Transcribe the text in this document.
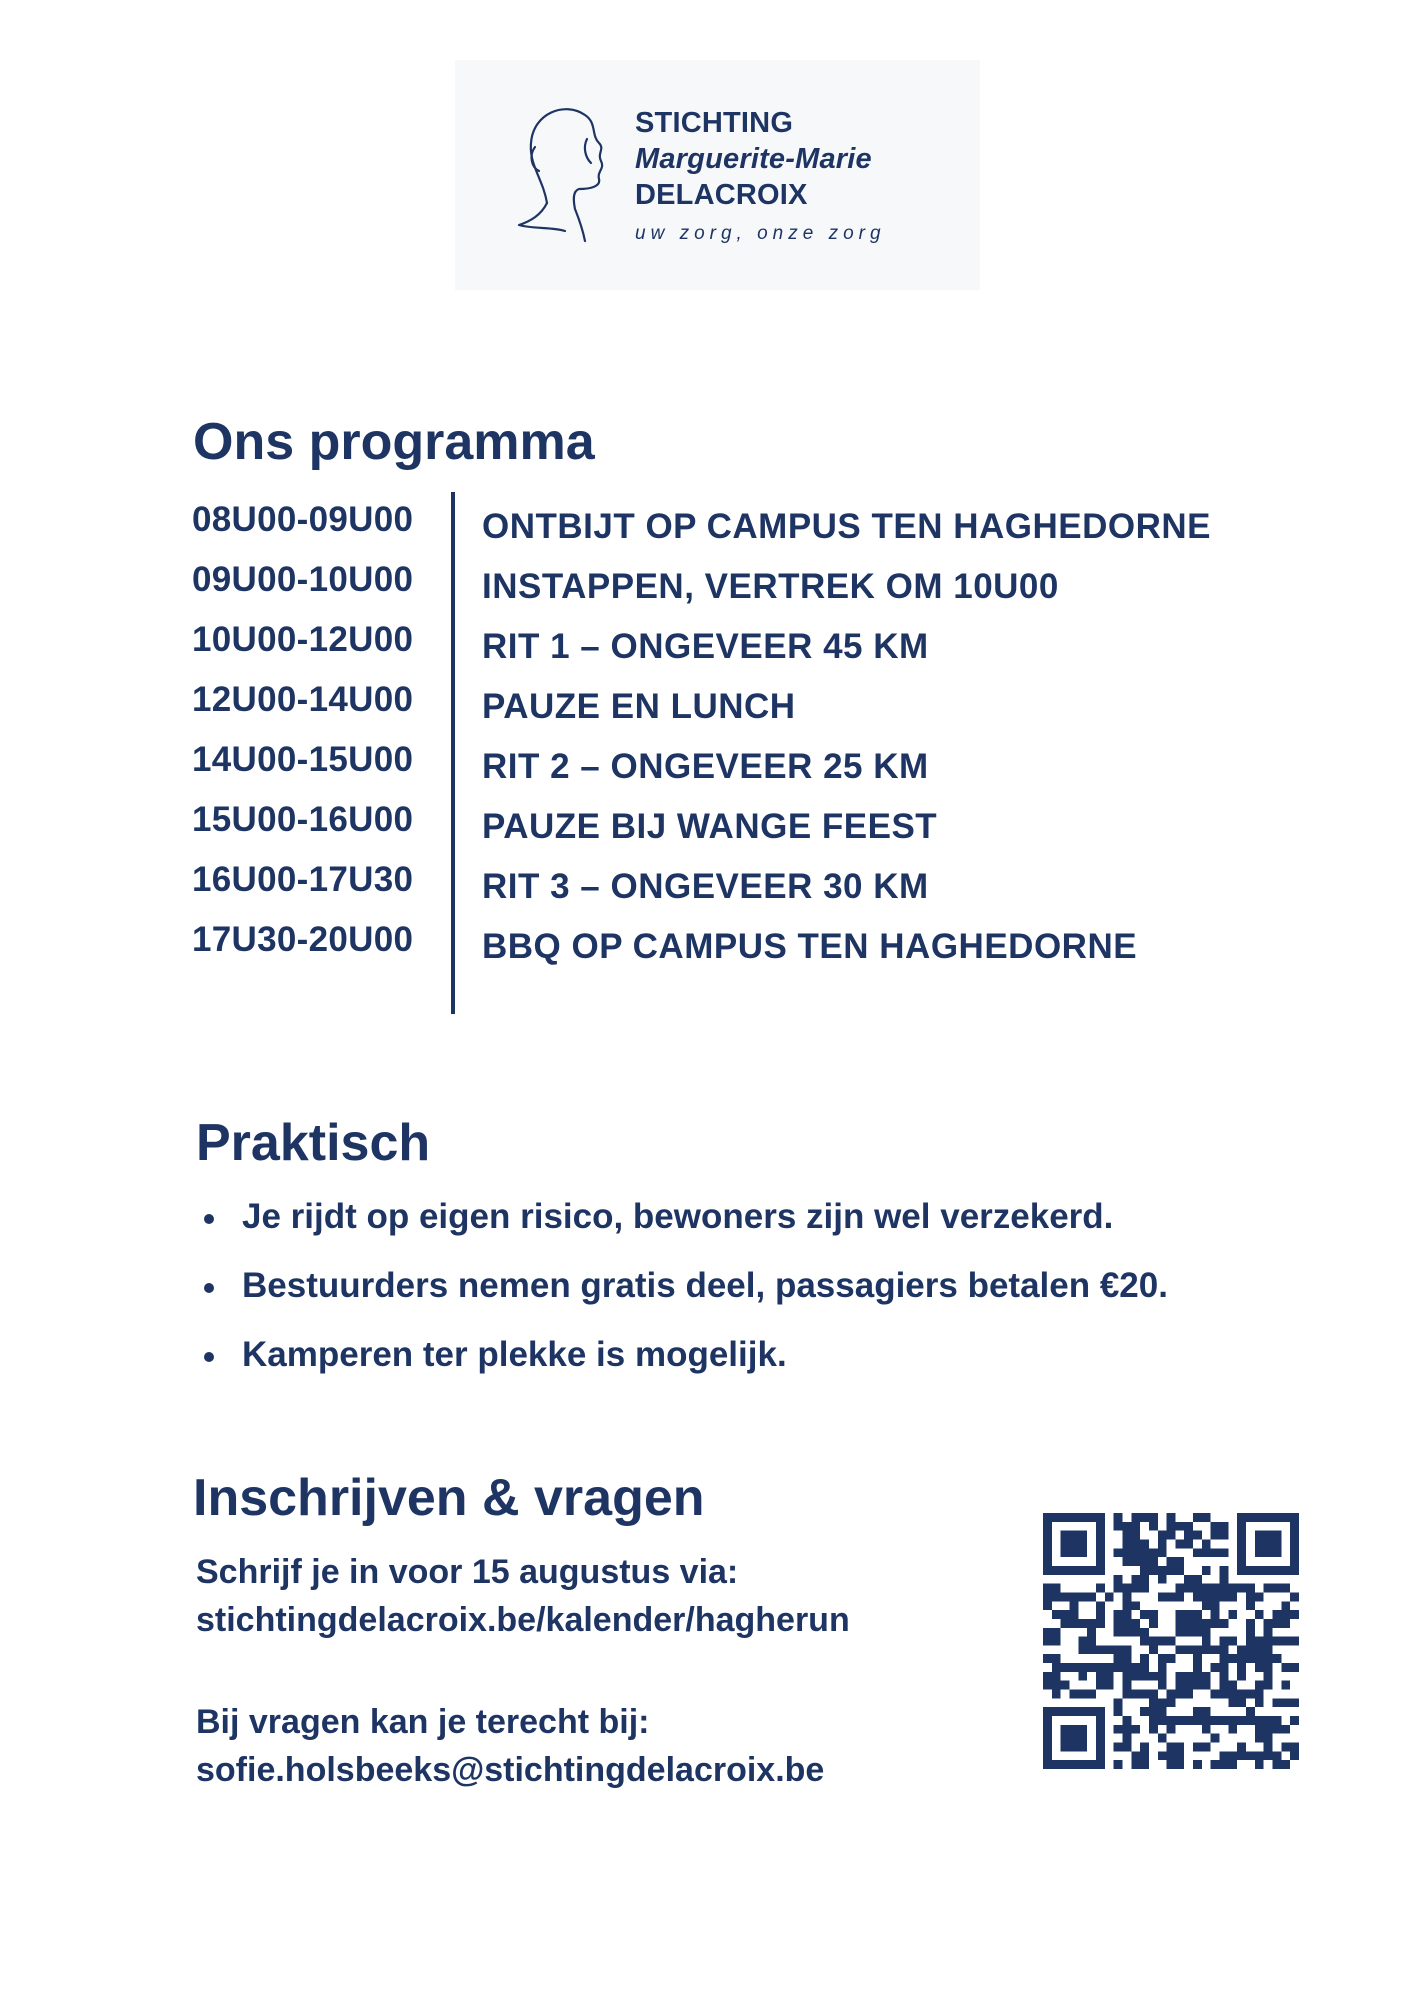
STICHTING
Marguerite-Marie
DELACROIX
uw zorg, onze zorg
Ons programma
08U00-09U00 ONTBIJT OP CAMPUS TEN HAGHEDORNE
09U00-10U00 INSTAPPEN, VERTREK OM 10U00
10U00-12U00 RIT 1 – ONGEVEER 45 KM
12U00-14U00 PAUZE EN LUNCH
14U00-15U00 RIT 2 – ONGEVEER 25 KM
15U00-16U00 PAUZE BIJ WANGE FEEST
16U00-17U30 RIT 3 – ONGEVEER 30 KM
17U30-20U00 BBQ OP CAMPUS TEN HAGHEDORNE
Praktisch
Je rijdt op eigen risico, bewoners zijn wel verzekerd.
Bestuurders nemen gratis deel, passagiers betalen €20.
Kamperen ter plekke is mogelijk.
Inschrijven & vragen
Schrijf je in voor 15 augustus via:
stichtingdelacroix.be/kalender/hagherun
Bij vragen kan je terecht bij:
sofie.holsbeeks@stichtingdelacroix.be
